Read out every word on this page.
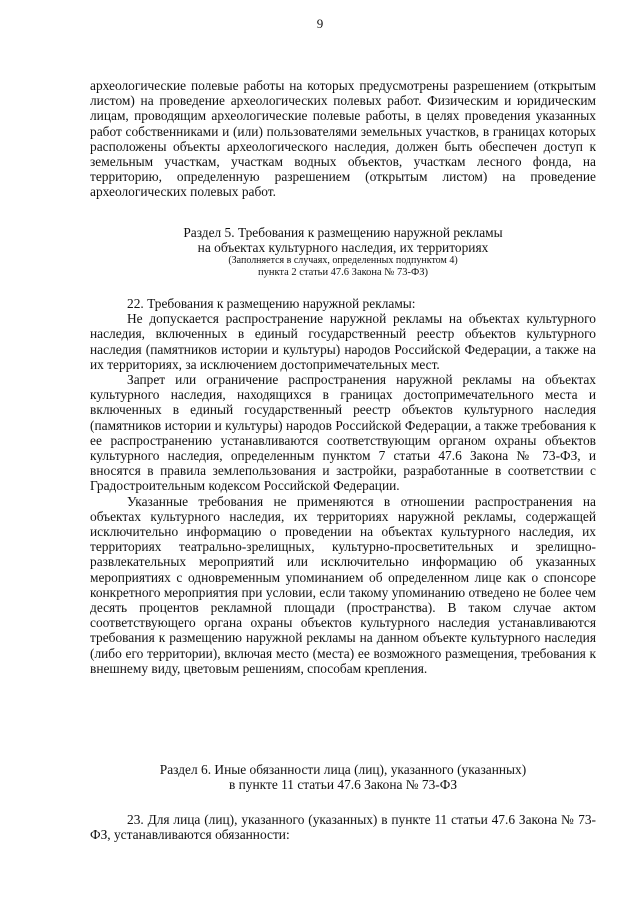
9

археологические полевые работы на которых предусмотрены разрешением (открытым листом) на проведение археологических полевых работ. Физическим и юридическим лицам, проводящим археологические полевые работы, в целях проведения указанных работ собственниками и (или) пользователями земельных участков, в границах которых расположены объекты археологического наследия, должен быть обеспечен доступ к земельным участкам, участкам водных объектов, участкам лесного фонда, на территорию, определенную разрешением (открытым листом) на проведение археологических полевых работ.

Раздел 5. Требования к размещению наружной рекламы
на объектах культурного наследия, их территориях
(Заполняется в случаях, определенных подпунктом 4)
пункта 2 статьи 47.6 Закона № 73-ФЗ)

22. Требования к размещению наружной рекламы:

Не допускается распространение наружной рекламы на объектах культурного наследия, включенных в единый государственный реестр объектов культурного наследия (памятников истории и культуры) народов Российской Федерации, а также на их территориях, за исключением достопримечательных мест.

Запрет или ограничение распространения наружной рекламы на объектах культурного наследия, находящихся в границах достопримечательного места и включенных в единый государственный реестр объектов культурного наследия (памятников истории и культуры) народов Российской Федерации, а также требования к ее распространению устанавливаются соответствующим органом охраны объектов культурного наследия, определенным пунктом 7 статьи 47.6 Закона № 73-ФЗ, и вносятся в правила землепользования и застройки, разработанные в соответствии с Градостроительным кодексом Российской Федерации.

Указанные требования не применяются в отношении распространения на объектах культурного наследия, их территориях наружной рекламы, содержащей исключительно информацию о проведении на объектах культурного наследия, их территориях театрально-зрелищных, культурно-просветительных и зрелищно-развлекательных мероприятий или исключительно информацию об указанных мероприятиях с одновременным упоминанием об определенном лице как о спонсоре конкретного мероприятия при условии, если такому упоминанию отведено не более чем десять процентов рекламной площади (пространства). В таком случае актом соответствующего органа охраны объектов культурного наследия устанавливаются требования к размещению наружной рекламы на данном объекте культурного наследия (либо его территории), включая место (места) ее возможного размещения, требования к внешнему виду, цветовым решениям, способам крепления.

Раздел 6. Иные обязанности лица (лиц), указанного (указанных)
в пункте 11 статьи 47.6 Закона № 73-ФЗ

23. Для лица (лиц), указанного (указанных) в пункте 11 статьи 47.6 Закона № 73-ФЗ, устанавливаются обязанности:
